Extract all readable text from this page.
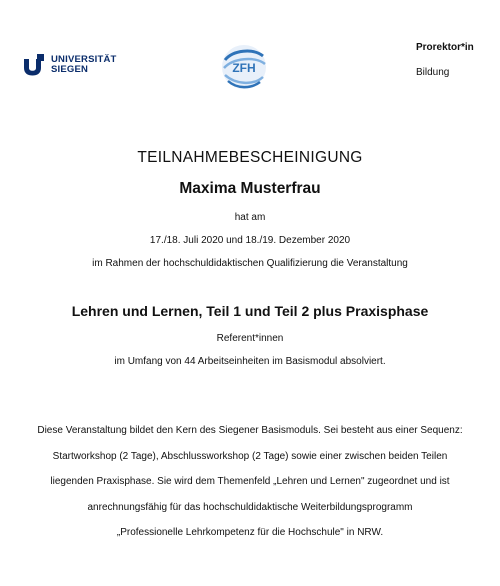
UNIVERSITÄT
SIEGEN	ZFH
Prorektor*in
Bildung
TEILNAHMEBESCHEINIGUNG
Maxima Musterfrau
hat am
17./18. Juli 2020 und 18./19. Dezember 2020
im Rahmen der hochschuldidaktischen Qualifizierung die Veranstaltung
Lehren und Lernen, Teil 1 und Teil 2 plus Praxisphase
Referent*innen
im Umfang von 44 Arbeitseinheiten im Basismodul absolviert.
Diese Veranstaltung bildet den Kern des Siegener Basismoduls. Sei besteht aus einer Sequenz:
Startworkshop (2 Tage), Abschlussworkshop (2 Tage) sowie einer zwischen beiden Teilen
liegenden Praxisphase. Sie wird dem Themenfeld „Lehren und Lernen" zugeordnet und ist
anrechnungsfähig für das hochschuldidaktische Weiterbildungsprogramm
„Professionelle Lehrkompetenz für die Hochschule" in NRW.
